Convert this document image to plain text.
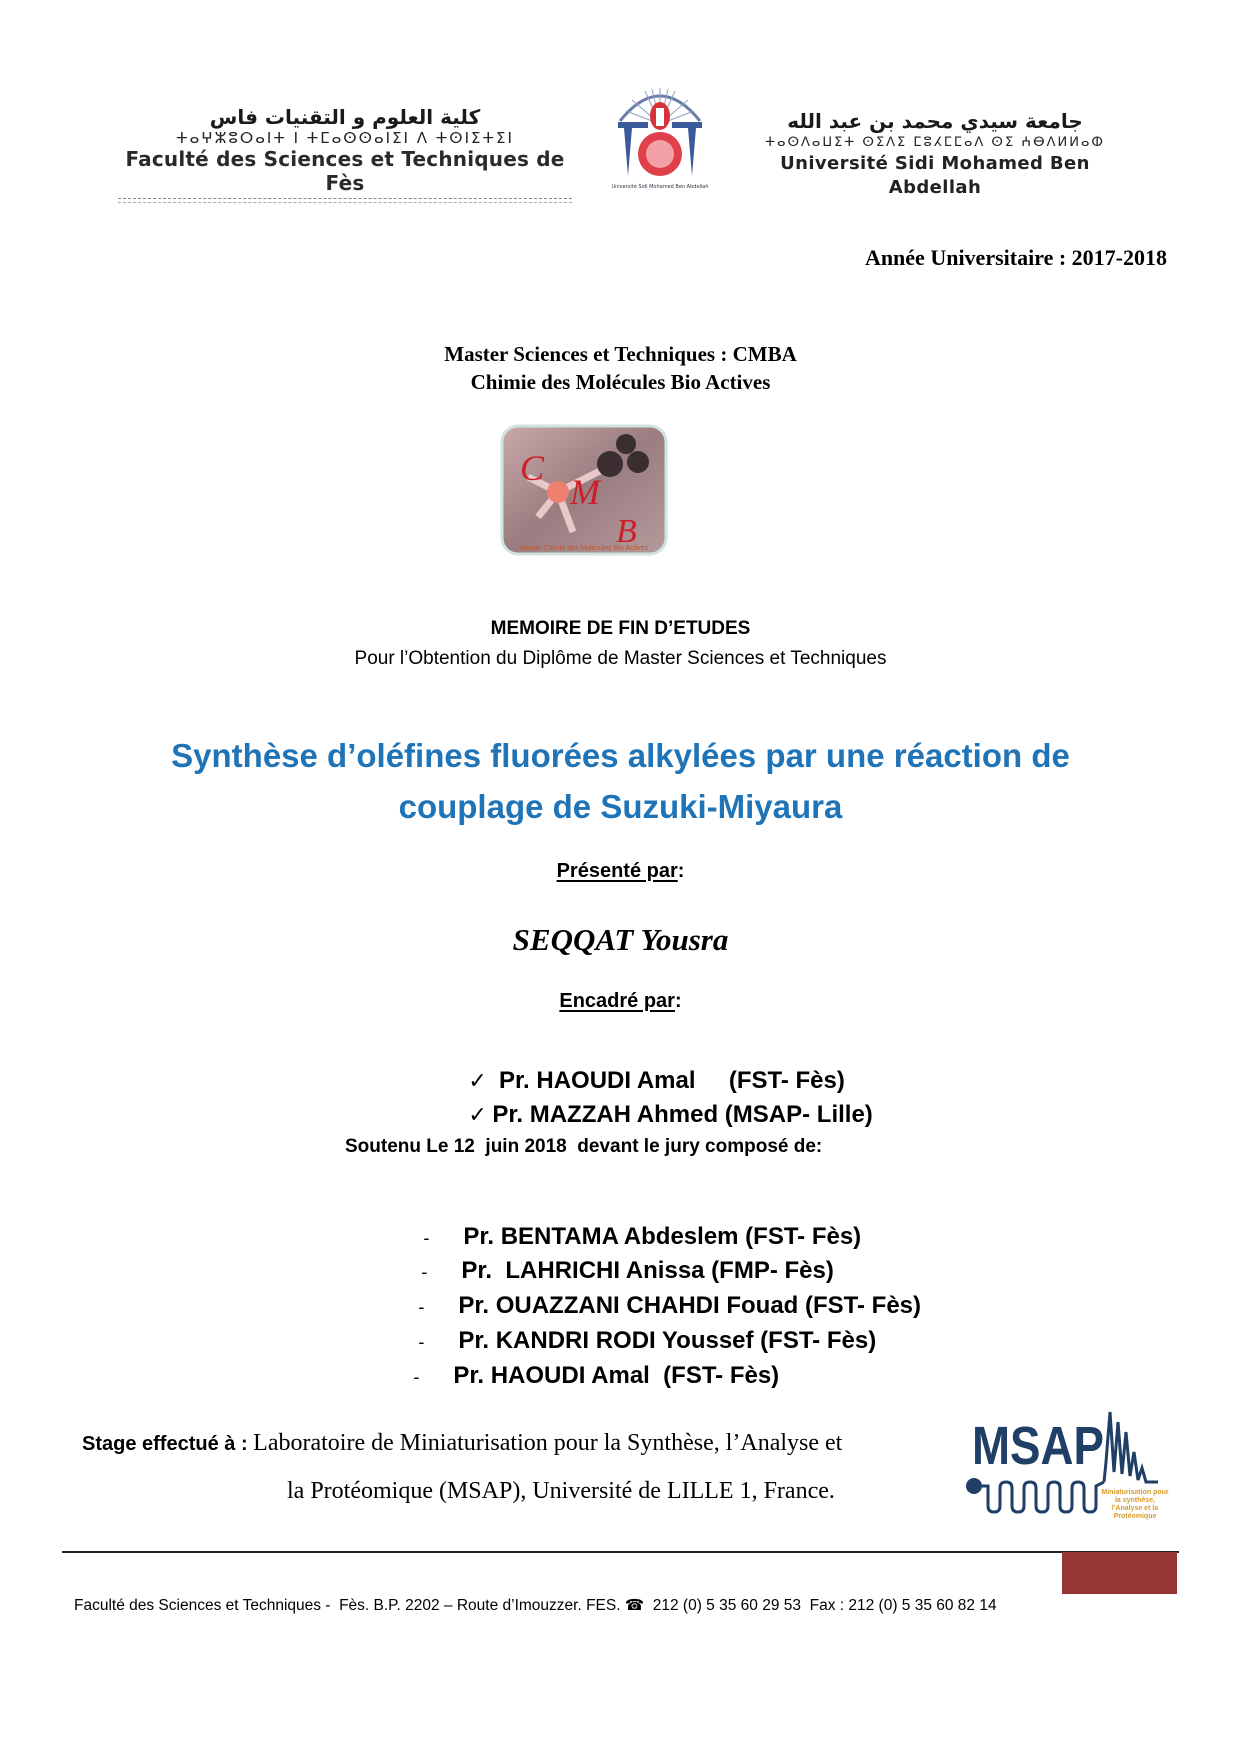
كلية العلوم و التقنيات فاس
ⵜⴰⵖⵣⵓⵔⴰⵏⵜ ⵏ ⵜⵎⴰⵙⵙⴰⵏⵉⵏ ⴷ ⵜⵙⵏⵉⵜⵉⵏ
Faculté des Sciences et Techniques de Fès	Université Sidi Mohamed Ben Abdellah
جامعة سيدي محمد بن عبد الله
ⵜⴰⵙⴷⴰⵡⵉⵜ ⵙⵉⴷⵉ ⵎⵓⵃⵎⵎⴰⴷ ⵙⵉ ⵄⴱⴷⵍⵍⴰⵀ
Université Sidi Mohamed Ben Abdellah
Année Universitaire : 2017-2018
Master Sciences et Techniques : CMBA
Chimie des Molécules Bio Actives
C
M
B
Master Chimie des Molécules Bio Actives
MEMOIRE DE FIN D’ETUDES
Pour l’Obtention du Diplôme de Master Sciences et Techniques
Synthèse d’oléfines fluorées alkylées par une réaction de
couplage de Suzuki-Miyaura
Présenté par:
SEQQAT Yousra
Encadré par:

✓ Pr. HAOUDI Amal     (FST- Fès)

✓ Pr. MAZZAH Ahmed (MSAP- Lille)

Soutenu Le 12  juin 2018  devant le jury composé de:

- Pr. BENTAMA Abdeslem (FST- Fès)

- Pr.  LAHRICHI Anissa (FMP- Fès)

- Pr. OUAZZANI CHAHDI Fouad (FST- Fès)

- Pr. KANDRI RODI Youssef (FST- Fès)

- Pr. HAOUDI Amal  (FST- Fès)

Stage effectué à : Laboratoire de Miniaturisation pour la Synthèse, l’Analyse et
la Protéomique (MSAP), Université de LILLE 1, France.
MSAP
Miniaturisation pour
la synthèse,
l'Analyse et la
Protéomique
Faculté des Sciences et Techniques -  Fès. B.P. 2202 – Route d’Imouzzer. FES. ☎  212 (0) 5 35 60 29 53  Fax : 212 (0) 5 35 60 82 14
